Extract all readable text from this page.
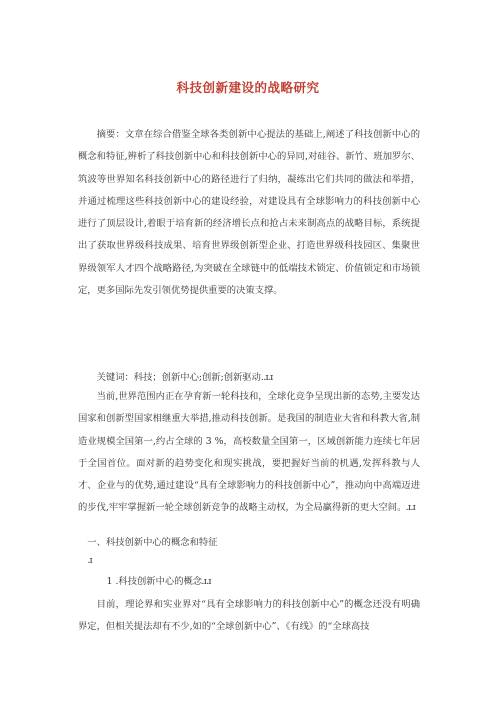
科技创新建设的战略研究
摘要：文章在综合借鉴全球各类创新中心提法的基础上,阐述了科技创新中心的概念和特征,辨析了科技创新中心和科技创新中心的异同,对硅谷、新竹、班加罗尔、筑波等世界知名科技创新中心的路径进行了归纳，凝练出它们共同的做法和举措，并通过梳理这些科技创新中心的建设经验，对建设具有全球影响力的科技创新中心进行了顶层设计,着眼于培育新的经济增长点和抢占未来制高点的战略目标，系统提出了获取世界级科技成果、培育世界级创新型企业、打造世界级科技园区、集聚世界级领军人才四个战略路径,为突破在全球链中的低端技术锁定、价值锁定和市场锁定，更多国际先发引领优势提供重要的决策支撑。
关键词：科技；创新中心;创新;创新驱动.ɹɹ
当前,世界范围内正在孕育新一轮科技和，全球化竞争呈现出新的态势,主要发达国家和创新型国家相继重大举措,推动科技创新。是我国的制造业大省和科教大省,制造业规模全国第一,约占全球的 3 %，高校数量全国第一，区域创新能力连续七年居于全国首位。面对新的趋势变化和现实挑战，要把握好当前的机遇,发挥科教与人才、企业与的优势,通过建设“具有全球影响力的科技创新中心”，推动向中高端迈进的步伐,牢牢掌握新一轮全球创新竞争的战略主动权，为全局赢得新的更大空间。ɹɹ
一、科技创新中心的概念和特征
ɹ
1 .科技创新中心的概念ɹɹ
目前，理论界和实业界对“具有全球影响力的科技创新中心”的概念还没有明确界定，但相关提法却有不少,如的“全球创新中心”、《有线》的“全球高技
